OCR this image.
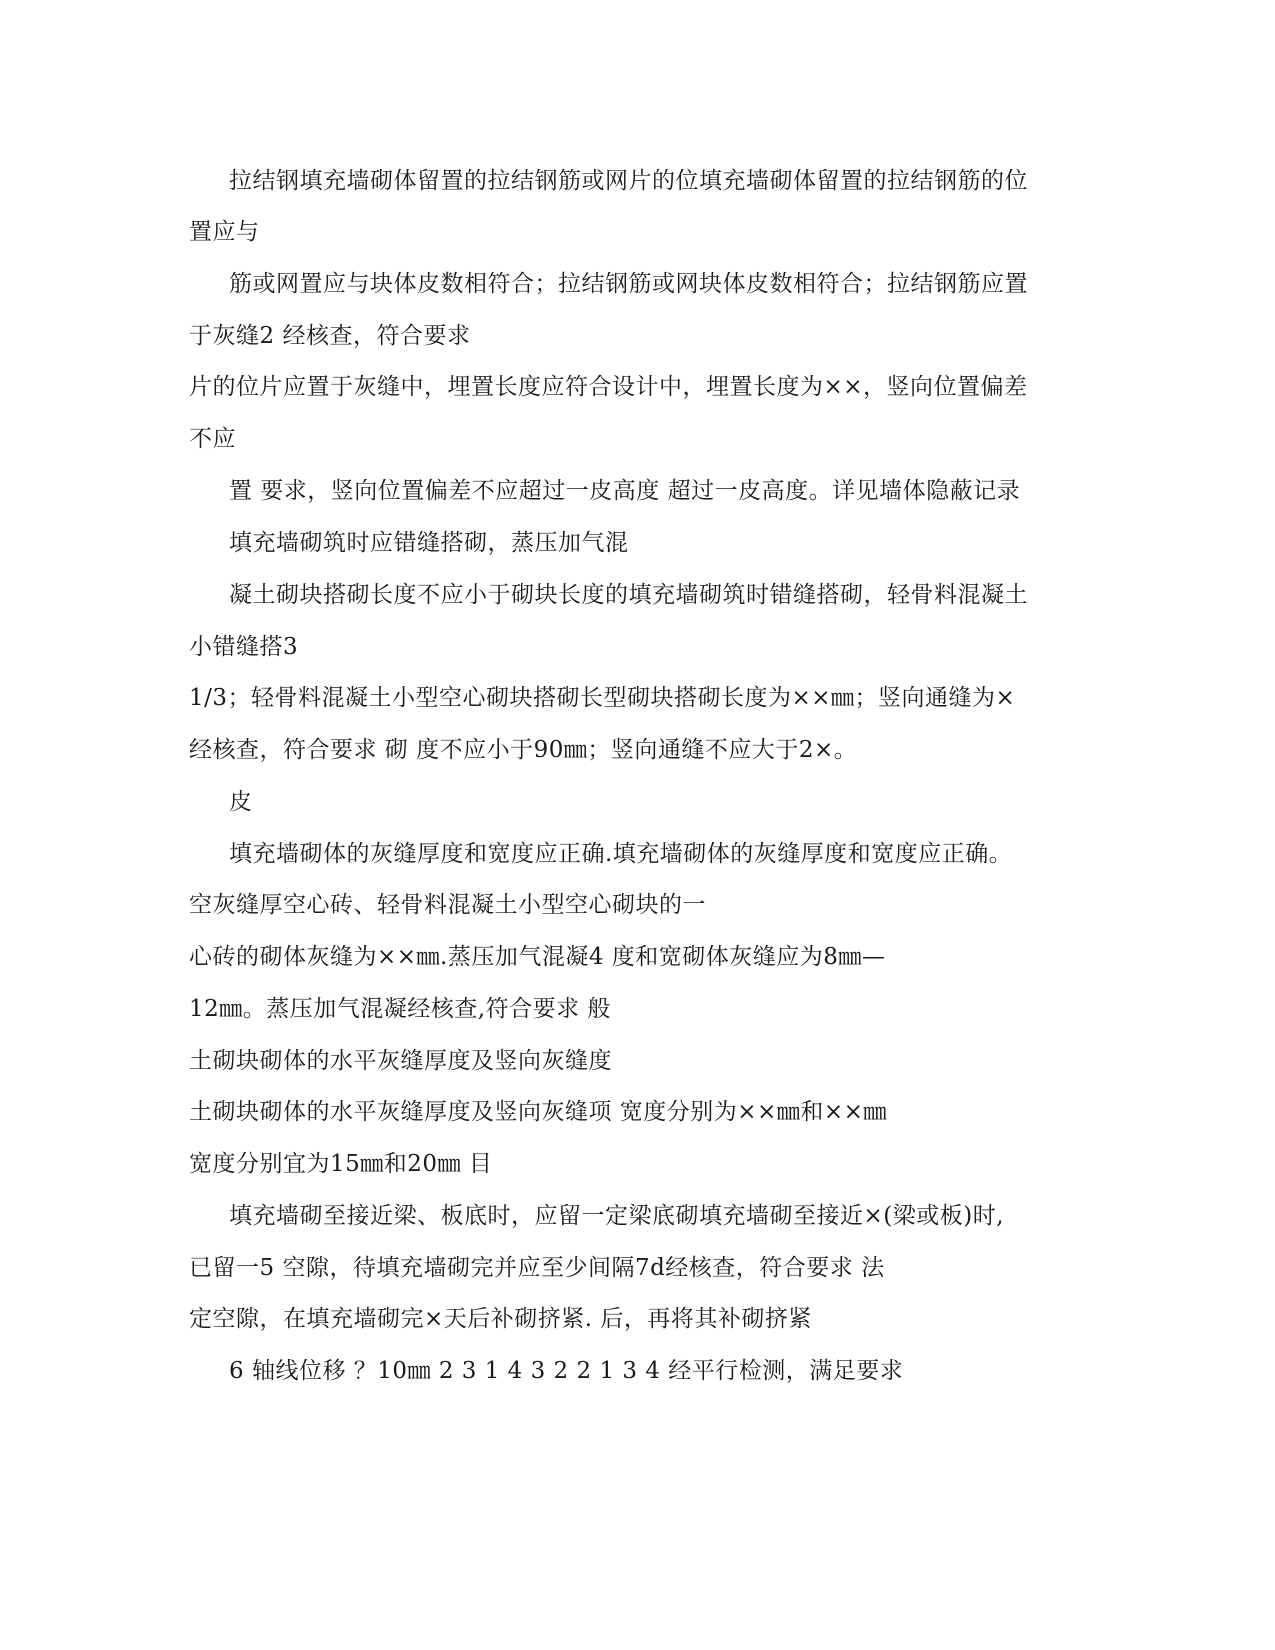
拉结钢填充墙砌体留置的拉结钢筋或网片的位填充墙砌体留置的拉结钢筋的位

置应与

筋或网置应与块体皮数相符合；拉结钢筋或网块体皮数相符合；拉结钢筋应置

于灰缝2 经核查，符合要求

片的位片应置于灰缝中，埋置长度应符合设计中，埋置长度为××，竖向位置偏差

不应

置 要求，竖向位置偏差不应超过一皮高度 超过一皮高度。详见墙体隐蔽记录

填充墙砌筑时应错缝搭砌，蒸压加气混

凝土砌块搭砌长度不应小于砌块长度的填充墙砌筑时错缝搭砌，轻骨料混凝土

小错缝搭3

1/3；轻骨料混凝土小型空心砌块搭砌长型砌块搭砌长度为××㎜；竖向通缝为×

经核查，符合要求 砌 度不应小于90㎜；竖向通缝不应大于2×。

皮

填充墙砌体的灰缝厚度和宽度应正确.填充墙砌体的灰缝厚度和宽度应正确。

空灰缝厚空心砖、轻骨料混凝土小型空心砌块的一

心砖的砌体灰缝为××㎜.蒸压加气混凝4 度和宽砌体灰缝应为8㎜—

12㎜。蒸压加气混凝经核查,符合要求 般

土砌块砌体的水平灰缝厚度及竖向灰缝度

土砌块砌体的水平灰缝厚度及竖向灰缝项 宽度分别为××㎜和××㎜

宽度分别宜为15㎜和20㎜ 目

填充墙砌至接近梁、板底时，应留一定梁底砌填充墙砌至接近×(梁或板)时,

已留一5 空隙，待填充墙砌完并应至少间隔7d经核查，符合要求 法

定空隙，在填充墙砌完×天后补砌挤紧. 后，再将其补砌挤紧

6 轴线位移 ？10㎜ 2 3 1 4 3 2 2 1 3 4 经平行检测，满足要求
